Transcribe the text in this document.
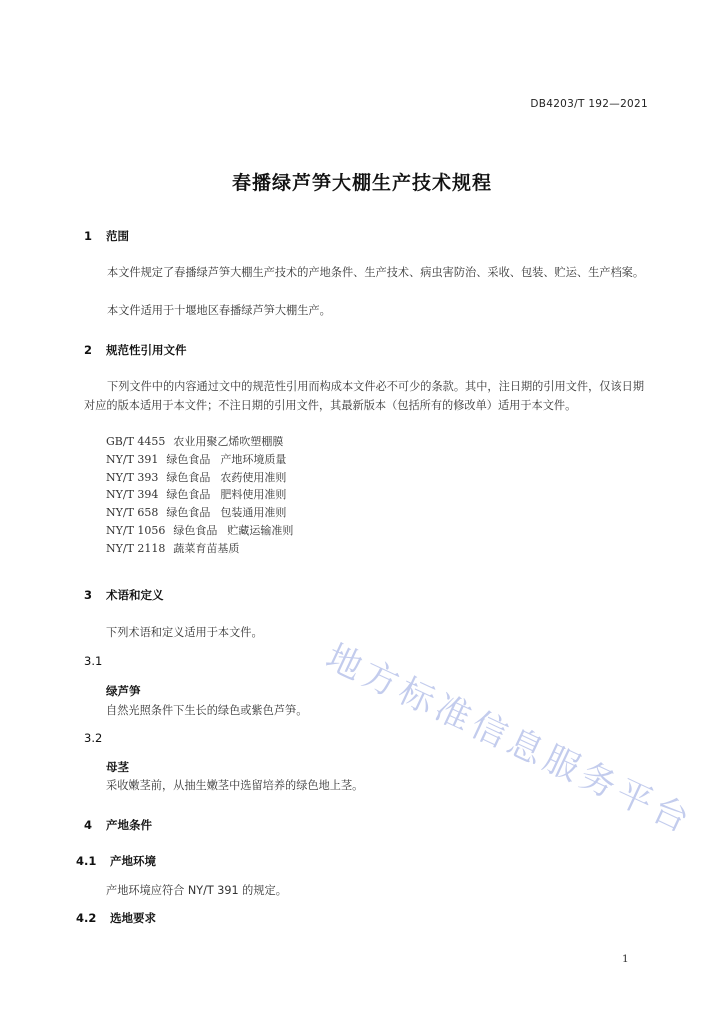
DB4203/T 192—2021
春播绿芦笋大棚生产技术规程
1 范围

本文件规定了春播绿芦笋大棚生产技术的产地条件、生产技术、病虫害防治、采收、包装、贮运、生产档案。

本文件适用于十堰地区春播绿芦笋大棚生产。

2 规范性引用文件

下列文件中的内容通过文中的规范性引用而构成本文件必不可少的条款。其中，注日期的引用文件，仅该日期对应的版本适用于本文件；不注日期的引用文件，其最新版本（包括所有的修改单）适用于本文件。

GB/T 4455 农业用聚乙烯吹塑棚膜
NY/T 391 绿色食品 产地环境质量
NY/T 393 绿色食品 农药使用准则
NY/T 394 绿色食品 肥料使用准则
NY/T 658 绿色食品 包装通用准则
NY/T 1056 绿色食品 贮藏运输准则
NY/T 2118 蔬菜育苗基质
3 术语和定义
下列术语和定义适用于本文件。
3.1
绿芦笋
自然光照条件下生长的绿色或紫色芦笋。
3.2
母茎
采收嫩茎前，从抽生嫩茎中选留培养的绿色地上茎。
4 产地条件
4.1 产地环境
产地环境应符合 NY/T 391 的规定。
4.2 选地要求
地方标准信息服务平台
1
